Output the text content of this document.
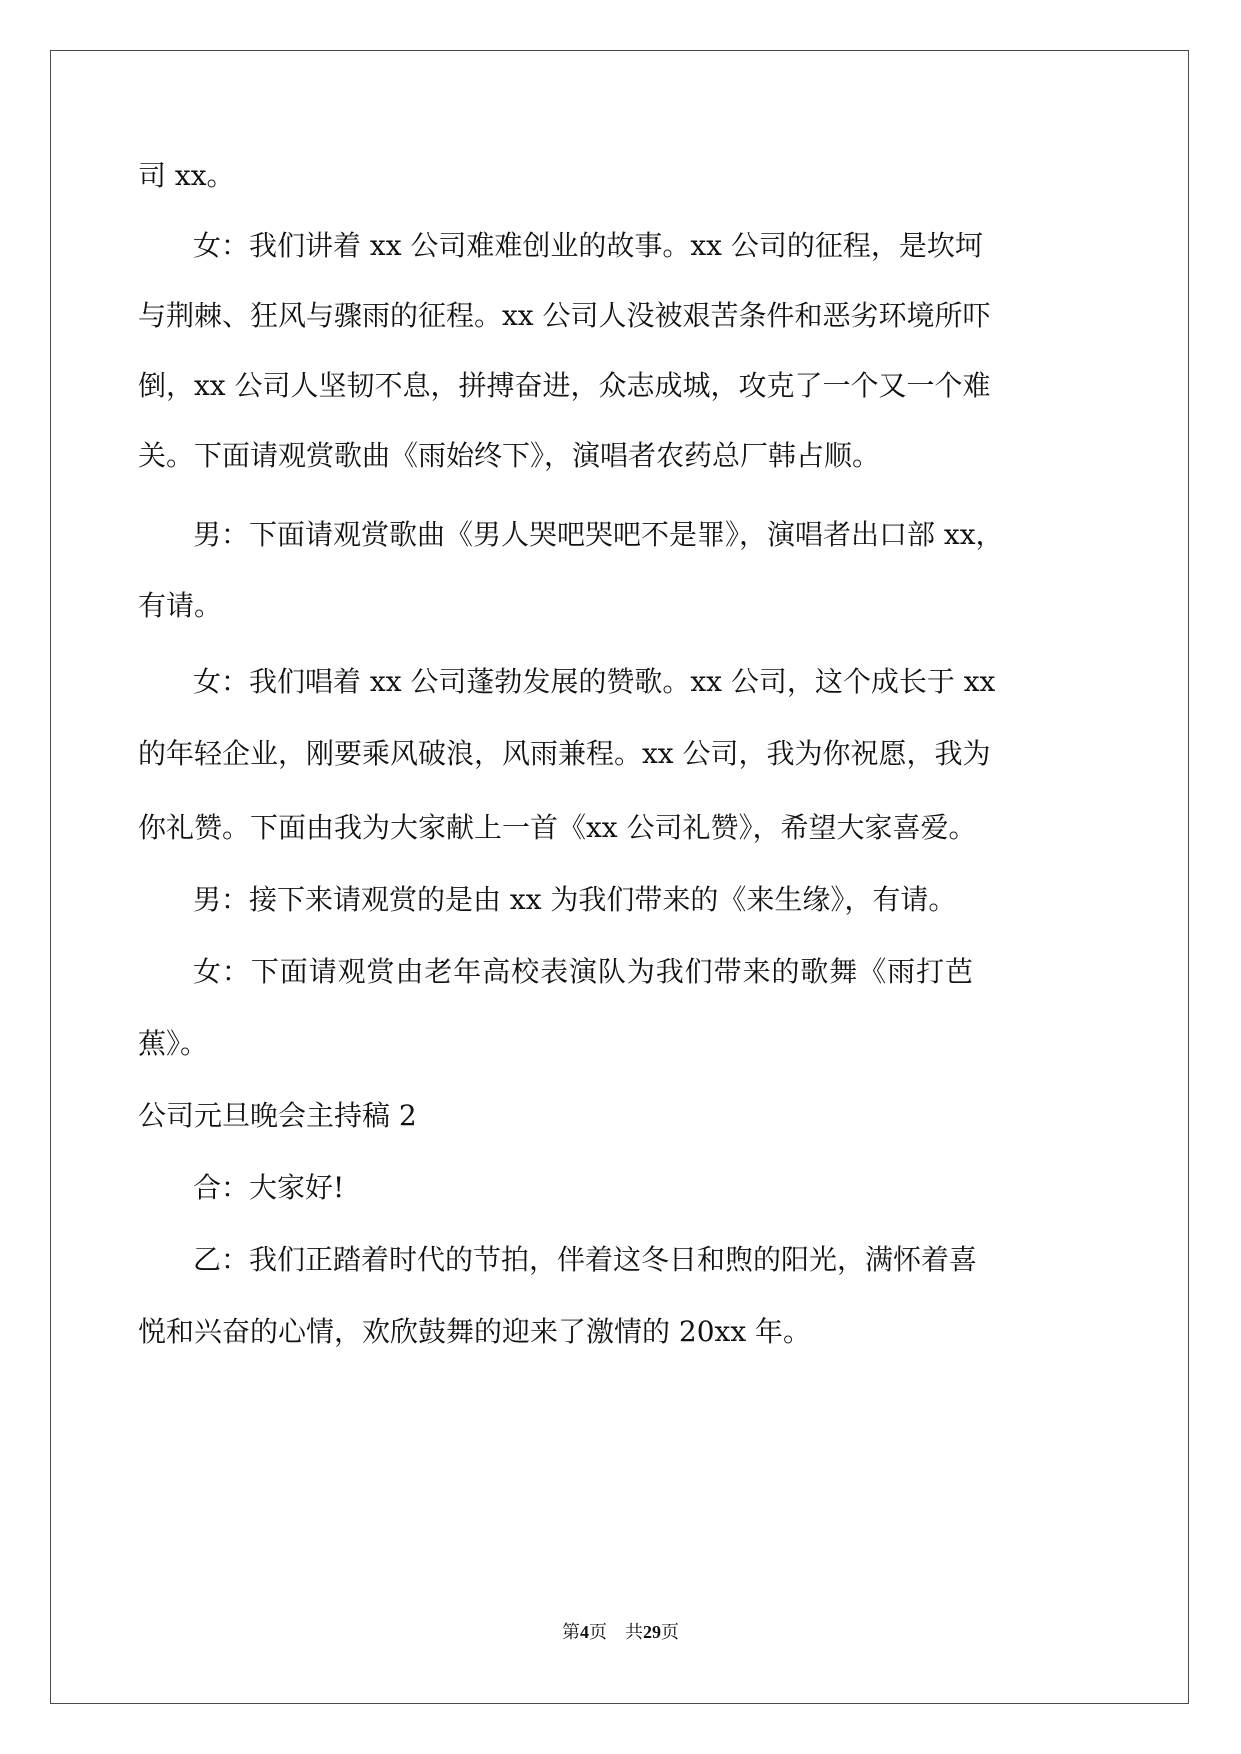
司 xx。
女：我们讲着 xx 公司难难创业的故事。xx 公司的征程，是坎坷
与荆棘、狂风与骤雨的征程。xx 公司人没被艰苦条件和恶劣环境所吓
倒，xx 公司人坚韧不息，拼搏奋进，众志成城，攻克了一个又一个难
关。下面请观赏歌曲《雨始终下》，演唱者农药总厂韩占顺。
男：下面请观赏歌曲《男人哭吧哭吧不是罪》，演唱者出口部 xx，
有请。
女：我们唱着 xx 公司蓬勃发展的赞歌。xx 公司，这个成长于 xx
的年轻企业，刚要乘风破浪，风雨兼程。xx 公司，我为你祝愿，我为
你礼赞。下面由我为大家献上一首《xx 公司礼赞》，希望大家喜爱。
男：接下来请观赏的是由 xx 为我们带来的《来生缘》，有请。
女：下面请观赏由老年高校表演队为我们带来的歌舞《雨打芭
蕉》。
公司元旦晚会主持稿 2
合：大家好!
乙：我们正踏着时代的节拍，伴着这冬日和煦的阳光，满怀着喜
悦和兴奋的心情，欢欣鼓舞的迎来了激情的 20xx 年。
第4页　共29页
